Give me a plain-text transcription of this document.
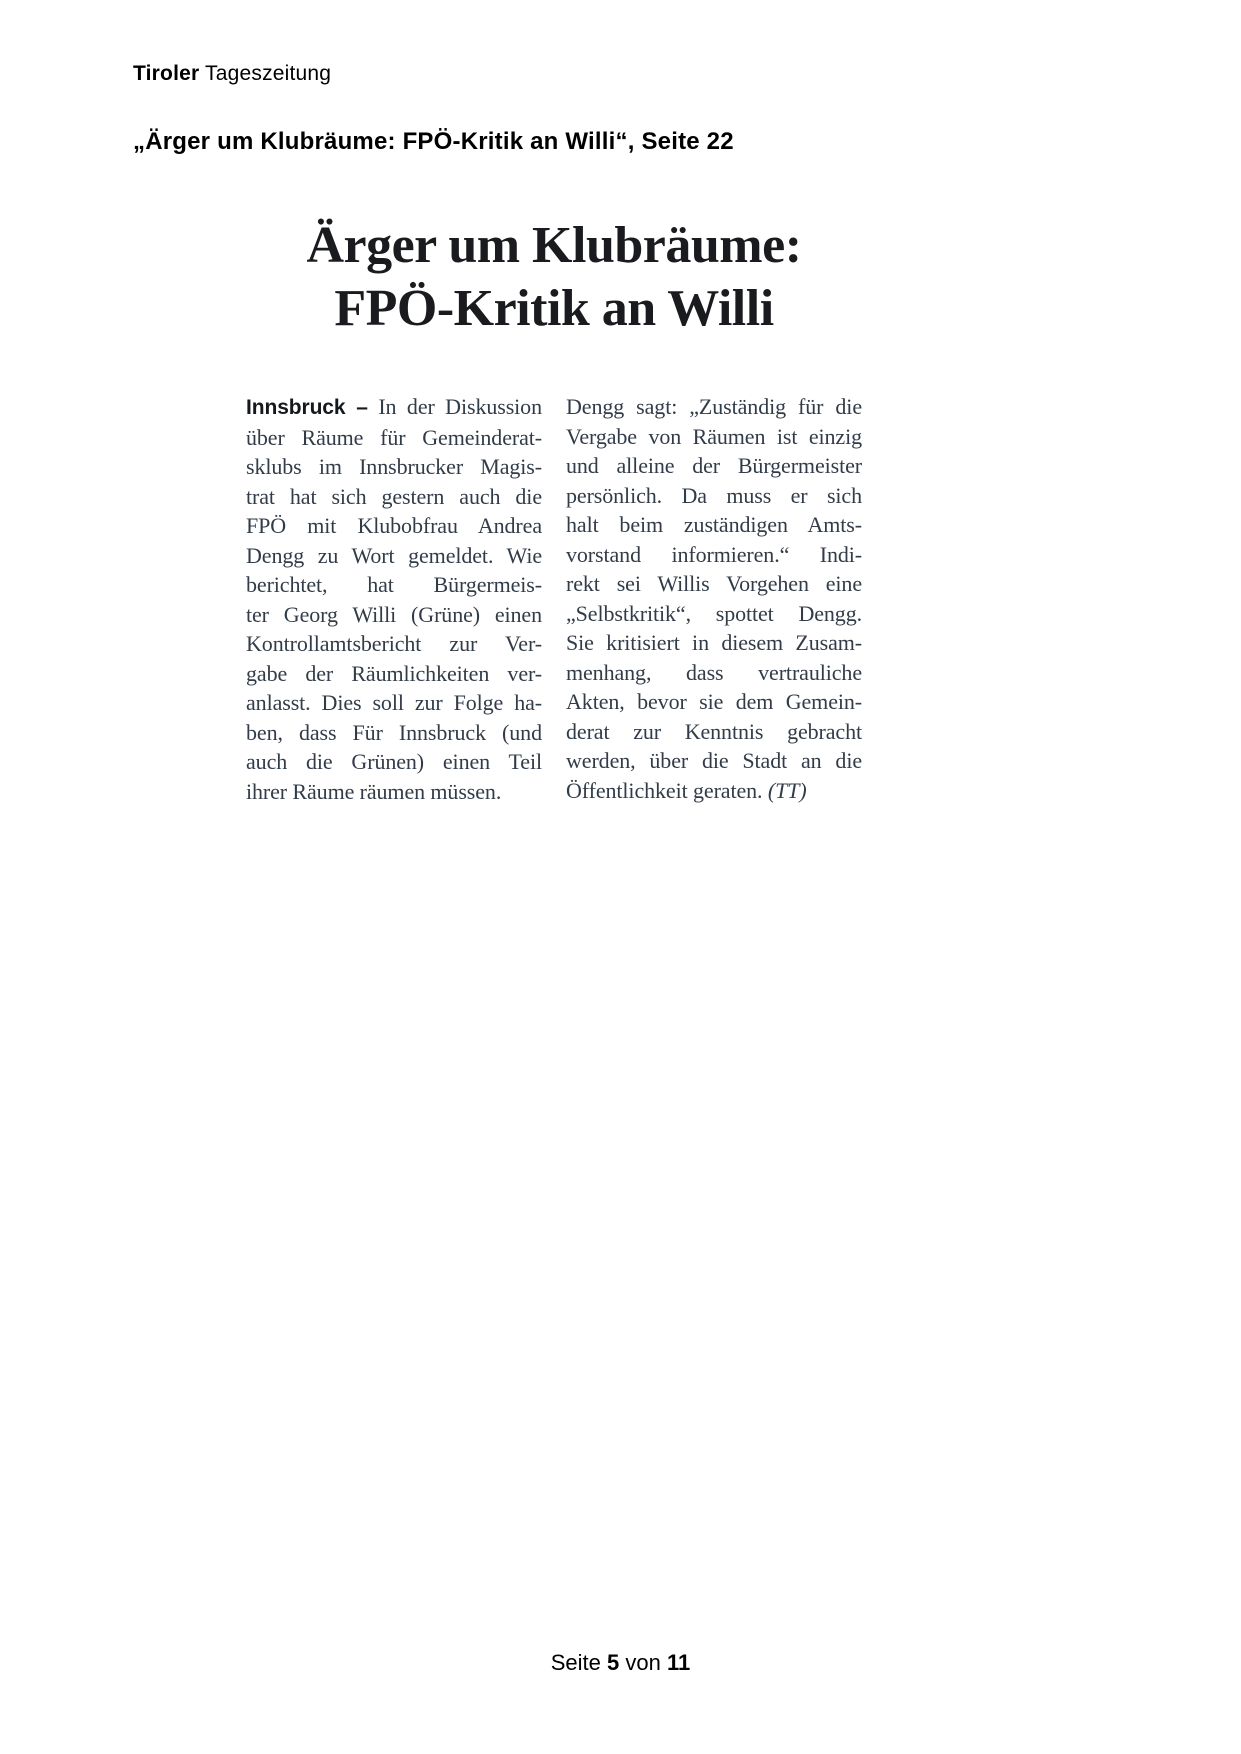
Tiroler Tageszeitung
„Ärger um Klubräume: FPÖ-Kritik an Willi“, Seite 22
Ärger um Klubräume:
FPÖ-Kritik an Willi
Innsbruck – In der Diskussion
über Räume für Gemeinderat-
sklubs im Innsbrucker Magis-
trat hat sich gestern auch die
FPÖ mit Klubobfrau Andrea
Dengg zu Wort gemeldet. Wie
berichtet, hat Bürgermeis-
ter Georg Willi (Grüne) einen
Kontrollamtsbericht zur Ver-
gabe der Räumlichkeiten ver-
anlasst. Dies soll zur Folge ha-
ben, dass Für Innsbruck (und
auch die Grünen) einen Teil
ihrer Räume räumen müssen.
Dengg sagt: „Zuständig für die
Vergabe von Räumen ist einzig
und alleine der Bürgermeister
persönlich. Da muss er sich
halt beim zuständigen Amts-
vorstand informieren.“ Indi-
rekt sei Willis Vorgehen eine
„Selbstkritik“, spottet Dengg.
Sie kritisiert in diesem Zusam-
menhang, dass vertrauliche
Akten, bevor sie dem Gemein-
derat zur Kenntnis gebracht
werden, über die Stadt an die
Öffentlichkeit geraten. (TT)
Seite 5 von 11
